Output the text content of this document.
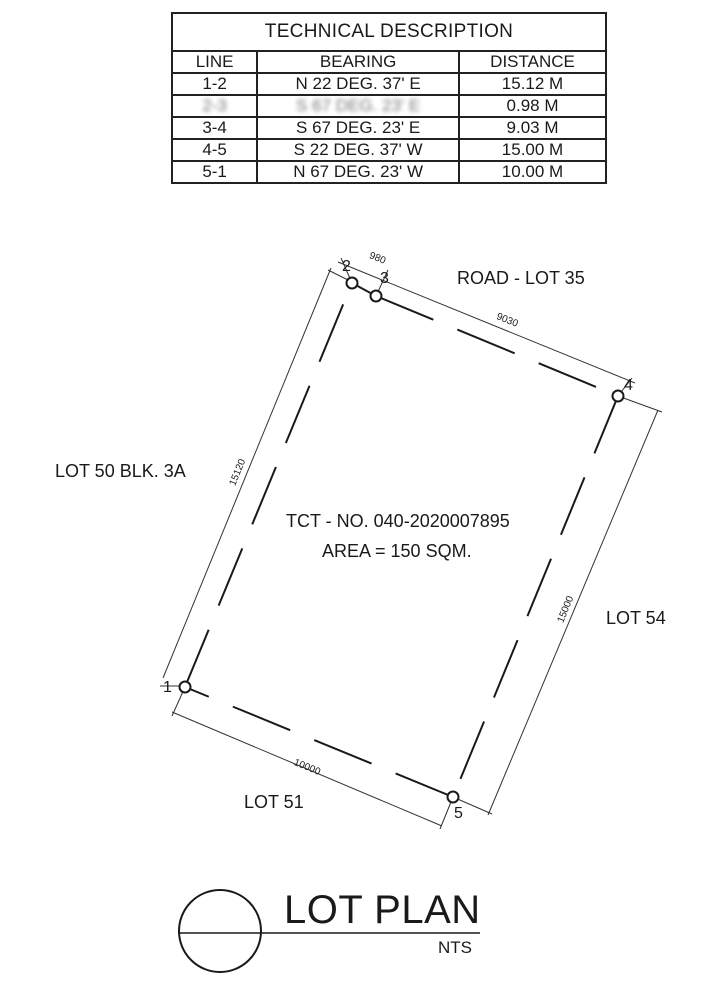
TECHNICAL DESCRIPTION		
LINE	BEARING	DISTANCE
1-2	N 22 DEG. 37' E	15.12 M
2-3	S 67 DEG. 23' E	0.98 M
3-4	S 67 DEG. 23' E	9.03 M
4-5	S 22 DEG. 37' W	15.00 M
5-1	N 67 DEG. 23' W	10.00 M
1
2
3
4
5
15120
980
9030
15000
10000
ROAD - LOT 35
LOT 50 BLK. 3A
LOT 54
LOT 51
TCT - NO. 040-2020007895
AREA = 150 SQM.
LOT PLAN
NTS
